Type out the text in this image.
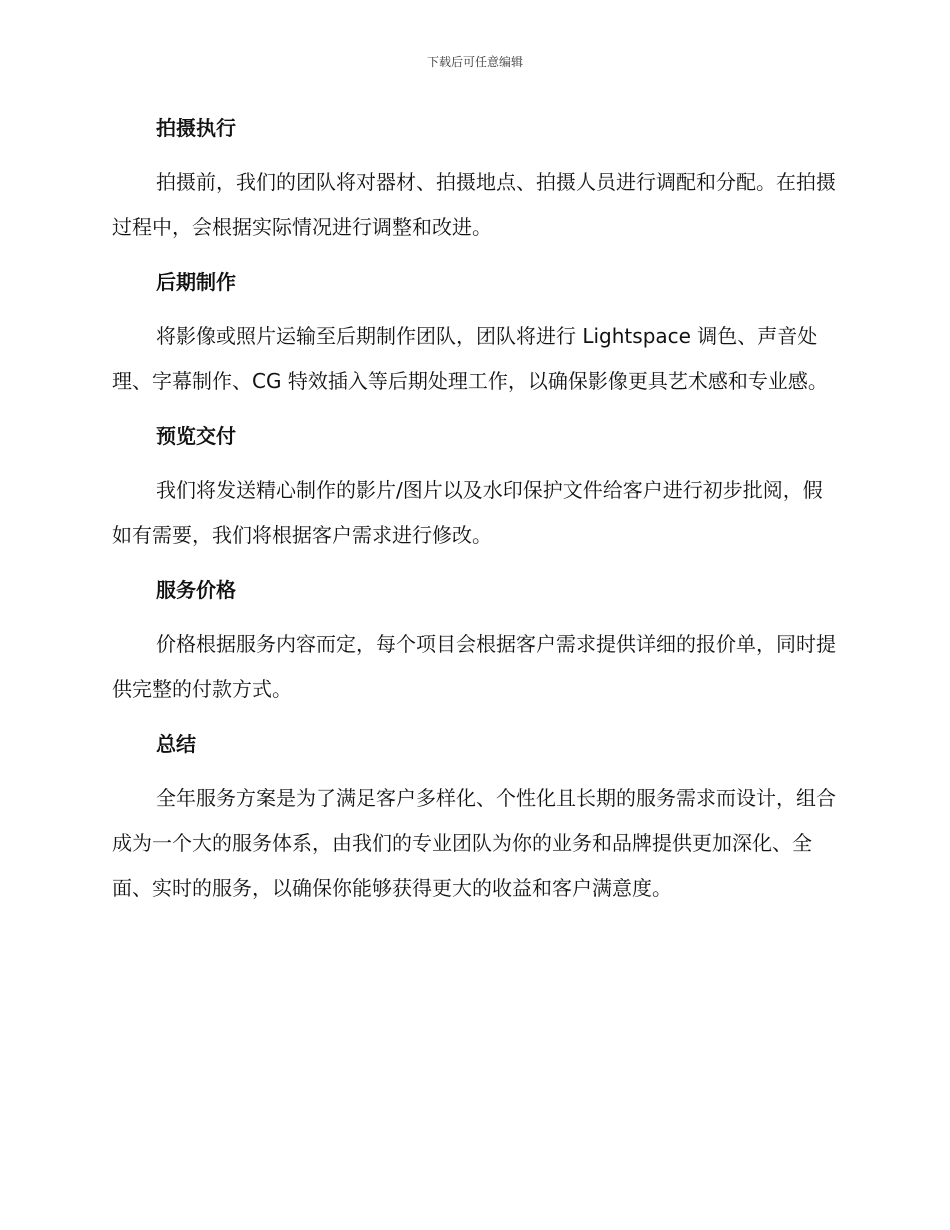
下载后可任意编辑
拍摄执行

拍摄前，我们的团队将对器材、拍摄地点、拍摄人员进行调配和分配。在拍摄过程中，会根据实际情况进行调整和改进。

后期制作

将影像或照片运输至后期制作团队，团队将进行 Lightspace 调色、声音处理、字幕制作、CG 特效插入等后期处理工作，以确保影像更具艺术感和专业感。

预览交付

我们将发送精心制作的影片/图片以及水印保护文件给客户进行初步批阅，假如有需要，我们将根据客户需求进行修改。

服务价格

价格根据服务内容而定，每个项目会根据客户需求提供详细的报价单，同时提供完整的付款方式。

总结

全年服务方案是为了满足客户多样化、个性化且长期的服务需求而设计，组合成为一个大的服务体系，由我们的专业团队为你的业务和品牌提供更加深化、全面、实时的服务，以确保你能够获得更大的收益和客户满意度。
